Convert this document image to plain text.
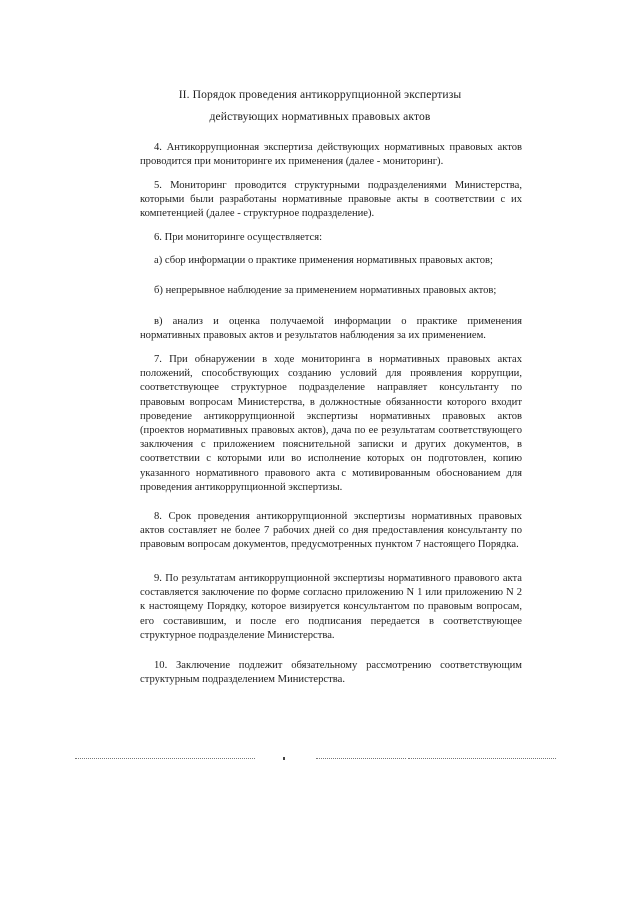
II. Порядок проведения антикоррупционной экспертизы
действующих нормативных правовых актов

4. Антикоррупционная экспертиза действующих нормативных правовых актов проводится при мониторинге их применения (далее - мониторинг).

5. Мониторинг проводится структурными подразделениями Министерства, которыми были разработаны нормативные правовые акты в соответствии с их компетенцией (далее - структурное подразделение).

6. При мониторинге осуществляется:

а) сбор информации о практике применения нормативных правовых актов;

б) непрерывное наблюдение за применением нормативных правовых актов;

в) анализ и оценка получаемой информации о практике применения нормативных правовых актов и результатов наблюдения за их применением.

7. При обнаружении в ходе мониторинга в нормативных правовых актах положений, способствующих созданию условий для проявления коррупции, соответствующее структурное подразделение направляет консультанту по правовым вопросам Министерства, в должностные обязанности которого входит проведение антикоррупционной экспертизы нормативных правовых актов (проектов нормативных правовых актов), дача по ее результатам соответствующего заключения с приложением пояснительной записки и других документов, в соответствии с которыми или во исполнение которых он подготовлен, копию указанного нормативного правового акта с мотивированным обоснованием для проведения антикоррупционной экспертизы.

8. Срок проведения антикоррупционной экспертизы нормативных правовых актов составляет не более 7 рабочих дней со дня предоставления консультанту по правовым вопросам документов, предусмотренных пунктом 7 настоящего Порядка.

9. По результатам антикоррупционной экспертизы нормативного правового акта составляется заключение по форме согласно приложению N 1 или приложению N 2 к настоящему Порядку, которое визируется консультантом по правовым вопросам, его составившим, и после его подписания передается в соответствующее структурное подразделение Министерства.

10. Заключение подлежит обязательному рассмотрению соответствующим структурным подразделением Министерства.
